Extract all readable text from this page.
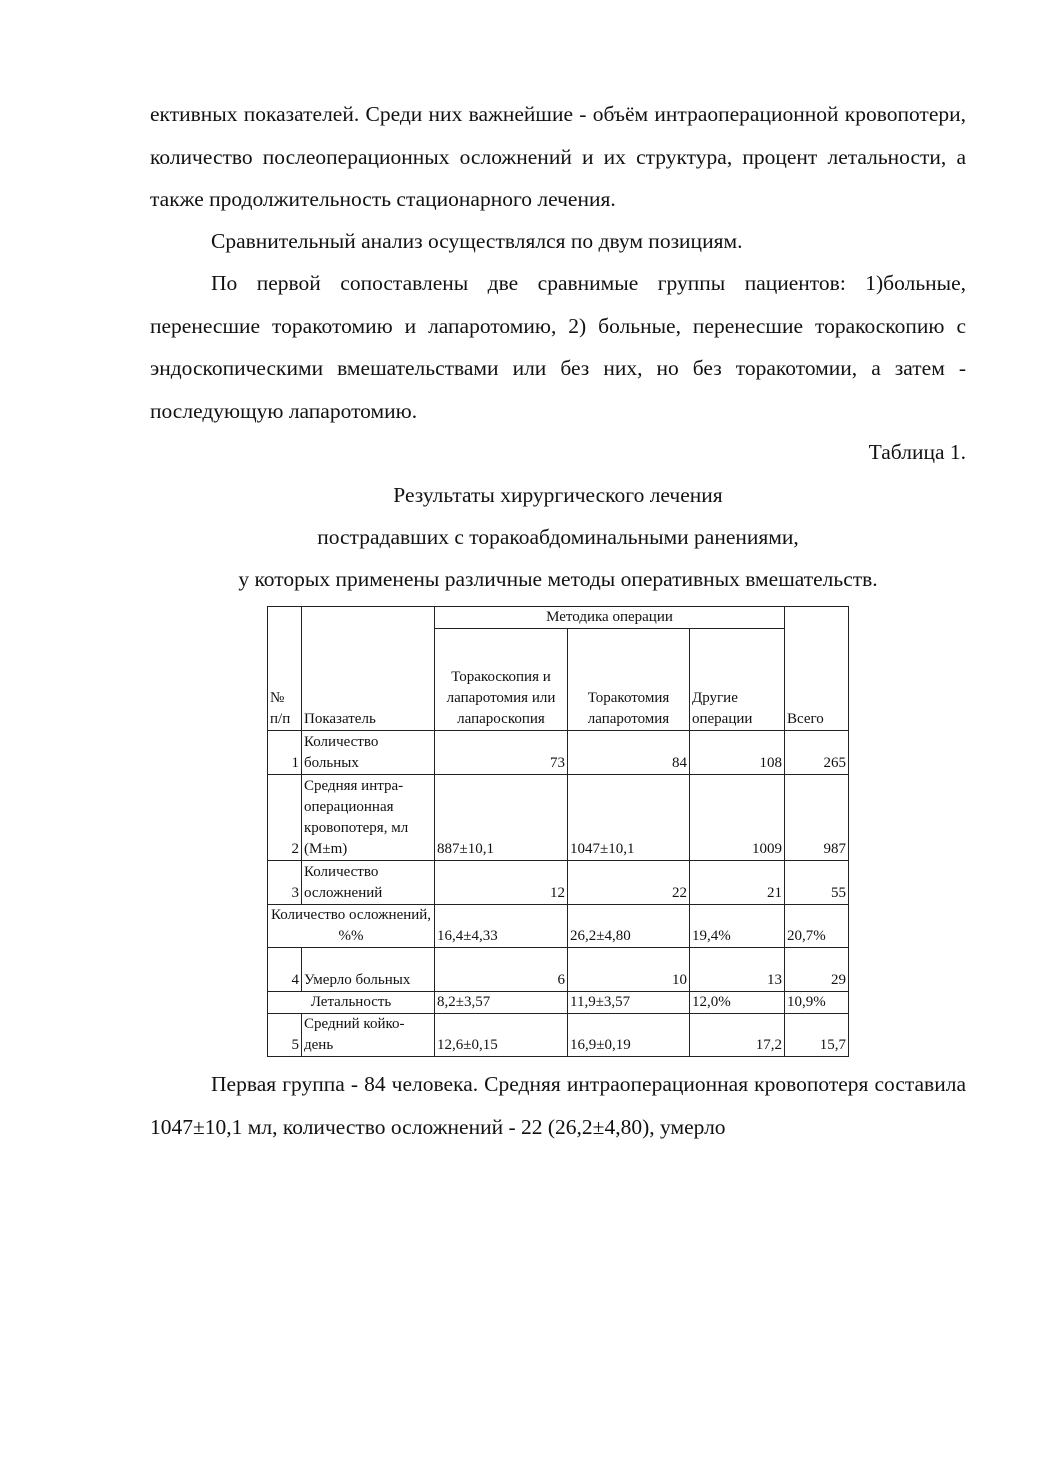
ективных показателей. Среди них важнейшие - объём интраоперационной кровопотери, количество послеоперационных осложнений и их структура, процент летальности, а также продолжительность стационарного лечения.
Сравнительный анализ осуществлялся по двум позициям.
По первой сопоставлены две сравнимые группы пациентов: 1)больные, перенесшие торакотомию и лапаротомию, 2) больные, перенесшие торакоскопию с эндоскопическими вмешательствами или без них, но без торакотомии, а затем - последующую лапаротомию.
Таблица 1.
Результаты хирургического лечения
пострадавших с торакоабдоминальными ранениями,
у которых применены различные методы оперативных вмешательств.
№ п/п	Показатель	Методика операции			Всего
		Торакоскопия и лапаротомия или лапароскопия	Торакотомия лапаротомия	Другие операции	
1	Количество больных	73	84	108	265
2	Средняя интра-операционная кровопотеря, мл (M±m)	887±10,1	1047±10,1	1009	987
3	Количество осложнений	12	22	21	55
Количество осложнений, %%		16,4±4,33	26,2±4,80	19,4%	20,7%
4	Умерло больных	6	10	13	29
Летальность		8,2±3,57	11,9±3,57	12,0%	10,9%
5	Средний койко-день	12,6±0,15	16,9±0,19	17,2	15,7
Первая группа - 84 человека. Средняя интраоперационная кровопотеря составила 1047±10,1 мл, количество осложнений - 22 (26,2±4,80), умерло
